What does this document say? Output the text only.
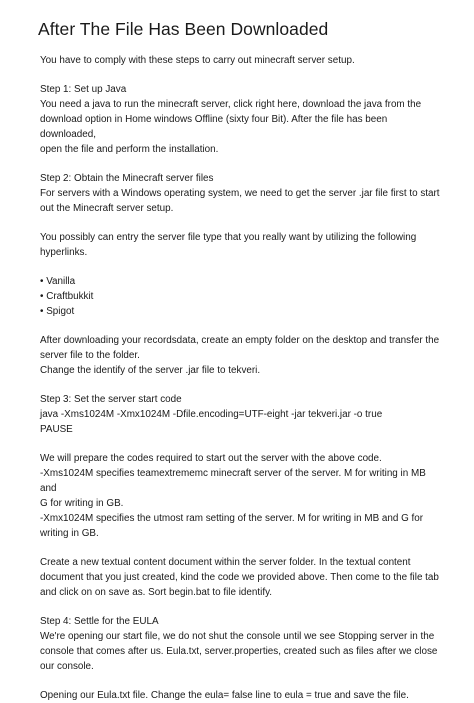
After The File Has Been Downloaded

You have to comply with these steps to carry out minecraft server setup.

Step 1: Set up Java

You need a java to run the minecraft server, click right here, download the java from the

download option in Home windows Offline (sixty four Bit). After the file has been downloaded,

open the file and perform the installation.

Step 2: Obtain the Minecraft server files

For servers with a Windows operating system, we need to get the server .jar file first to start

out the Minecraft server setup.

You possibly can entry the server file type that you really want by utilizing the following

hyperlinks.

• Vanilla
• Craftbukkit
• Spigot

After downloading your recordsdata, create an empty folder on the desktop and transfer the

server file to the folder.

Change the identify of the server .jar file to tekveri.

Step 3: Set the server start code

java -Xms1024M -Xmx1024M -Dfile.encoding=UTF-eight -jar tekveri.jar -o true

PAUSE

We will prepare the codes required to start out the server with the above code.

-Xms1024M specifies teamextrememc minecraft server of the server. M for writing in MB and

G for writing in GB.

-Xmx1024M specifies the utmost ram setting of the server. M for writing in MB and G for

writing in GB.

Create a new textual content document within the server folder. In the textual content

document that you just created, kind the code we provided above. Then come to the file tab

and click on on save as. Sort begin.bat to file identify.

Step 4: Settle for the EULA

We're opening our start file, we do not shut the console until we see Stopping server in the

console that comes after us. Eula.txt, server.properties, created such as files after we close

our console.

Opening our Eula.txt file. Change the eula= false line to eula = true and save the file.
